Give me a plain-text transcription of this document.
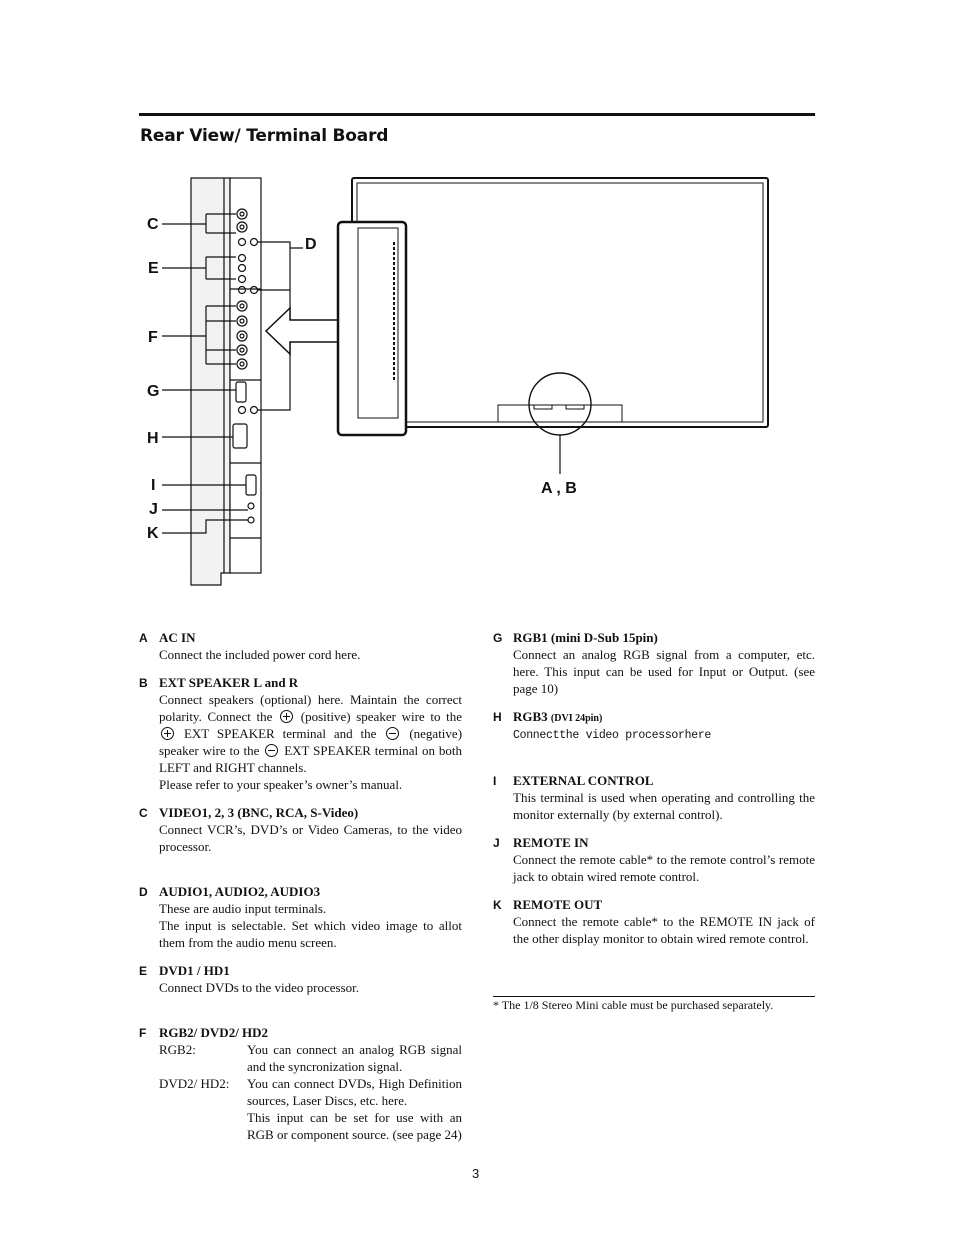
Rear View/ Terminal Board
C
D
E
F
G
H
I
J
K
A , B
A AC IN
Connect the included power cord here.
B EXT SPEAKER L and R
Connect speakers (optional) here. Maintain the correct polarity. Connect the (positive) speaker wire to the  EXT SPEAKER terminal and the	(negative) speaker wire to the EXT SPEAKER terminal on both LEFT and RIGHT channels.
Please refer to your speaker’s owner’s manual.
C VIDEO1, 2, 3 (BNC, RCA, S-Video)
Connect VCR’s, DVD’s or Video Cameras, to the video processor.
D AUDIO1, AUDIO2, AUDIO3
These are audio input terminals.
The input is selectable. Set which video image to allot them from the audio menu screen.
E DVD1 / HD1
Connect DVDs to the video processor.
F RGB2/ DVD2/ HD2
RGB2:	You can connect an analog RGB signal and the syncronization signal.
DVD2/ HD2:	You can connect DVDs, High Definition sources, Laser Discs, etc. here.
This input can be set for use with an RGB or component source. (see page 24)
G RGB1 (mini D-Sub 15pin)
Connect an analog RGB signal from a computer, etc. here. This input can be used for Input or Output. (see page 10)
H RGB3 (DVI 24pin)
Connectthe video processorhere
I EXTERNAL CONTROL
This terminal is used when operating and controlling the monitor externally (by external control).
J REMOTE IN
Connect the remote cable* to the remote control’s remote jack to obtain wired remote control.
K REMOTE OUT
Connect the remote cable* to the REMOTE IN jack of the other display monitor to obtain wired remote control.
* The 1/8 Stereo Mini cable must be purchased separately.
3
